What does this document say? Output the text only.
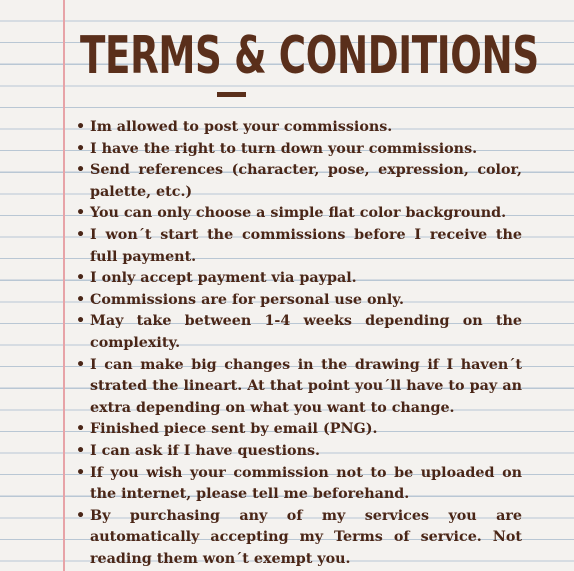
TERMS & CONDITIONS
• Im allowed to post your commissions.
• I have the right to turn down your commissions.
• Send references (character, pose, expression, color, palette, etc.)
• You can only choose a simple flat color background.
• I won´t start the commissions before I receive the full payment.
• I only accept payment via paypal.
• Commissions are for personal use only.
• May take between 1-4 weeks depending on the complexity.
• I can make big changes in the drawing if I haven´t strated the lineart. At that point you´ll have to pay an extra depending on what you want to change.
• Finished piece sent by email (PNG).
• I can ask if I have questions.
• If you wish your commission not to be uploaded on the internet, please tell me beforehand.
• By purchasing any of my services you are automatically accepting my Terms of service. Not reading them won´t exempt you.
